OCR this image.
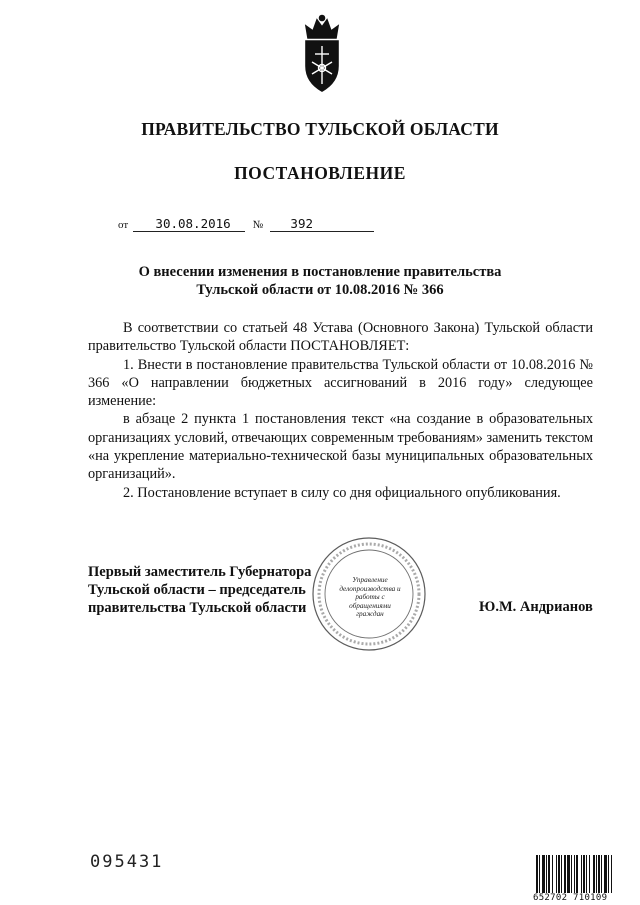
ПРАВИТЕЛЬСТВО ТУЛЬСКОЙ ОБЛАСТИ
ПОСТАНОВЛЕНИЕ
от 30.08.2016 № 392
О внесении изменения в постановление правительства
Тульской области от 10.08.2016 № 366

В соответствии со статьей 48 Устава (Основного Закона) Тульской области правительство Тульской области ПОСТАНОВЛЯЕТ:

1. Внести в постановление правительства Тульской области от 10.08.2016 № 366 «О направлении бюджетных ассигнований в 2016 году» следующее изменение:

в абзаце 2 пункта 1 постановления текст «на создание в образовательных организациях условий, отвечающих современным требованиям» заменить текстом «на укрепление материально-технической базы муниципальных образовательных организаций».

2. Постановление вступает в силу со дня официального опубликования.

Первый заместитель Губернатора
Тульской области – председатель
правительства Тульской области
Управление делопроизводства и работы с обращениями граждан	Ю.М. Андрианов
095431
652702 710109
